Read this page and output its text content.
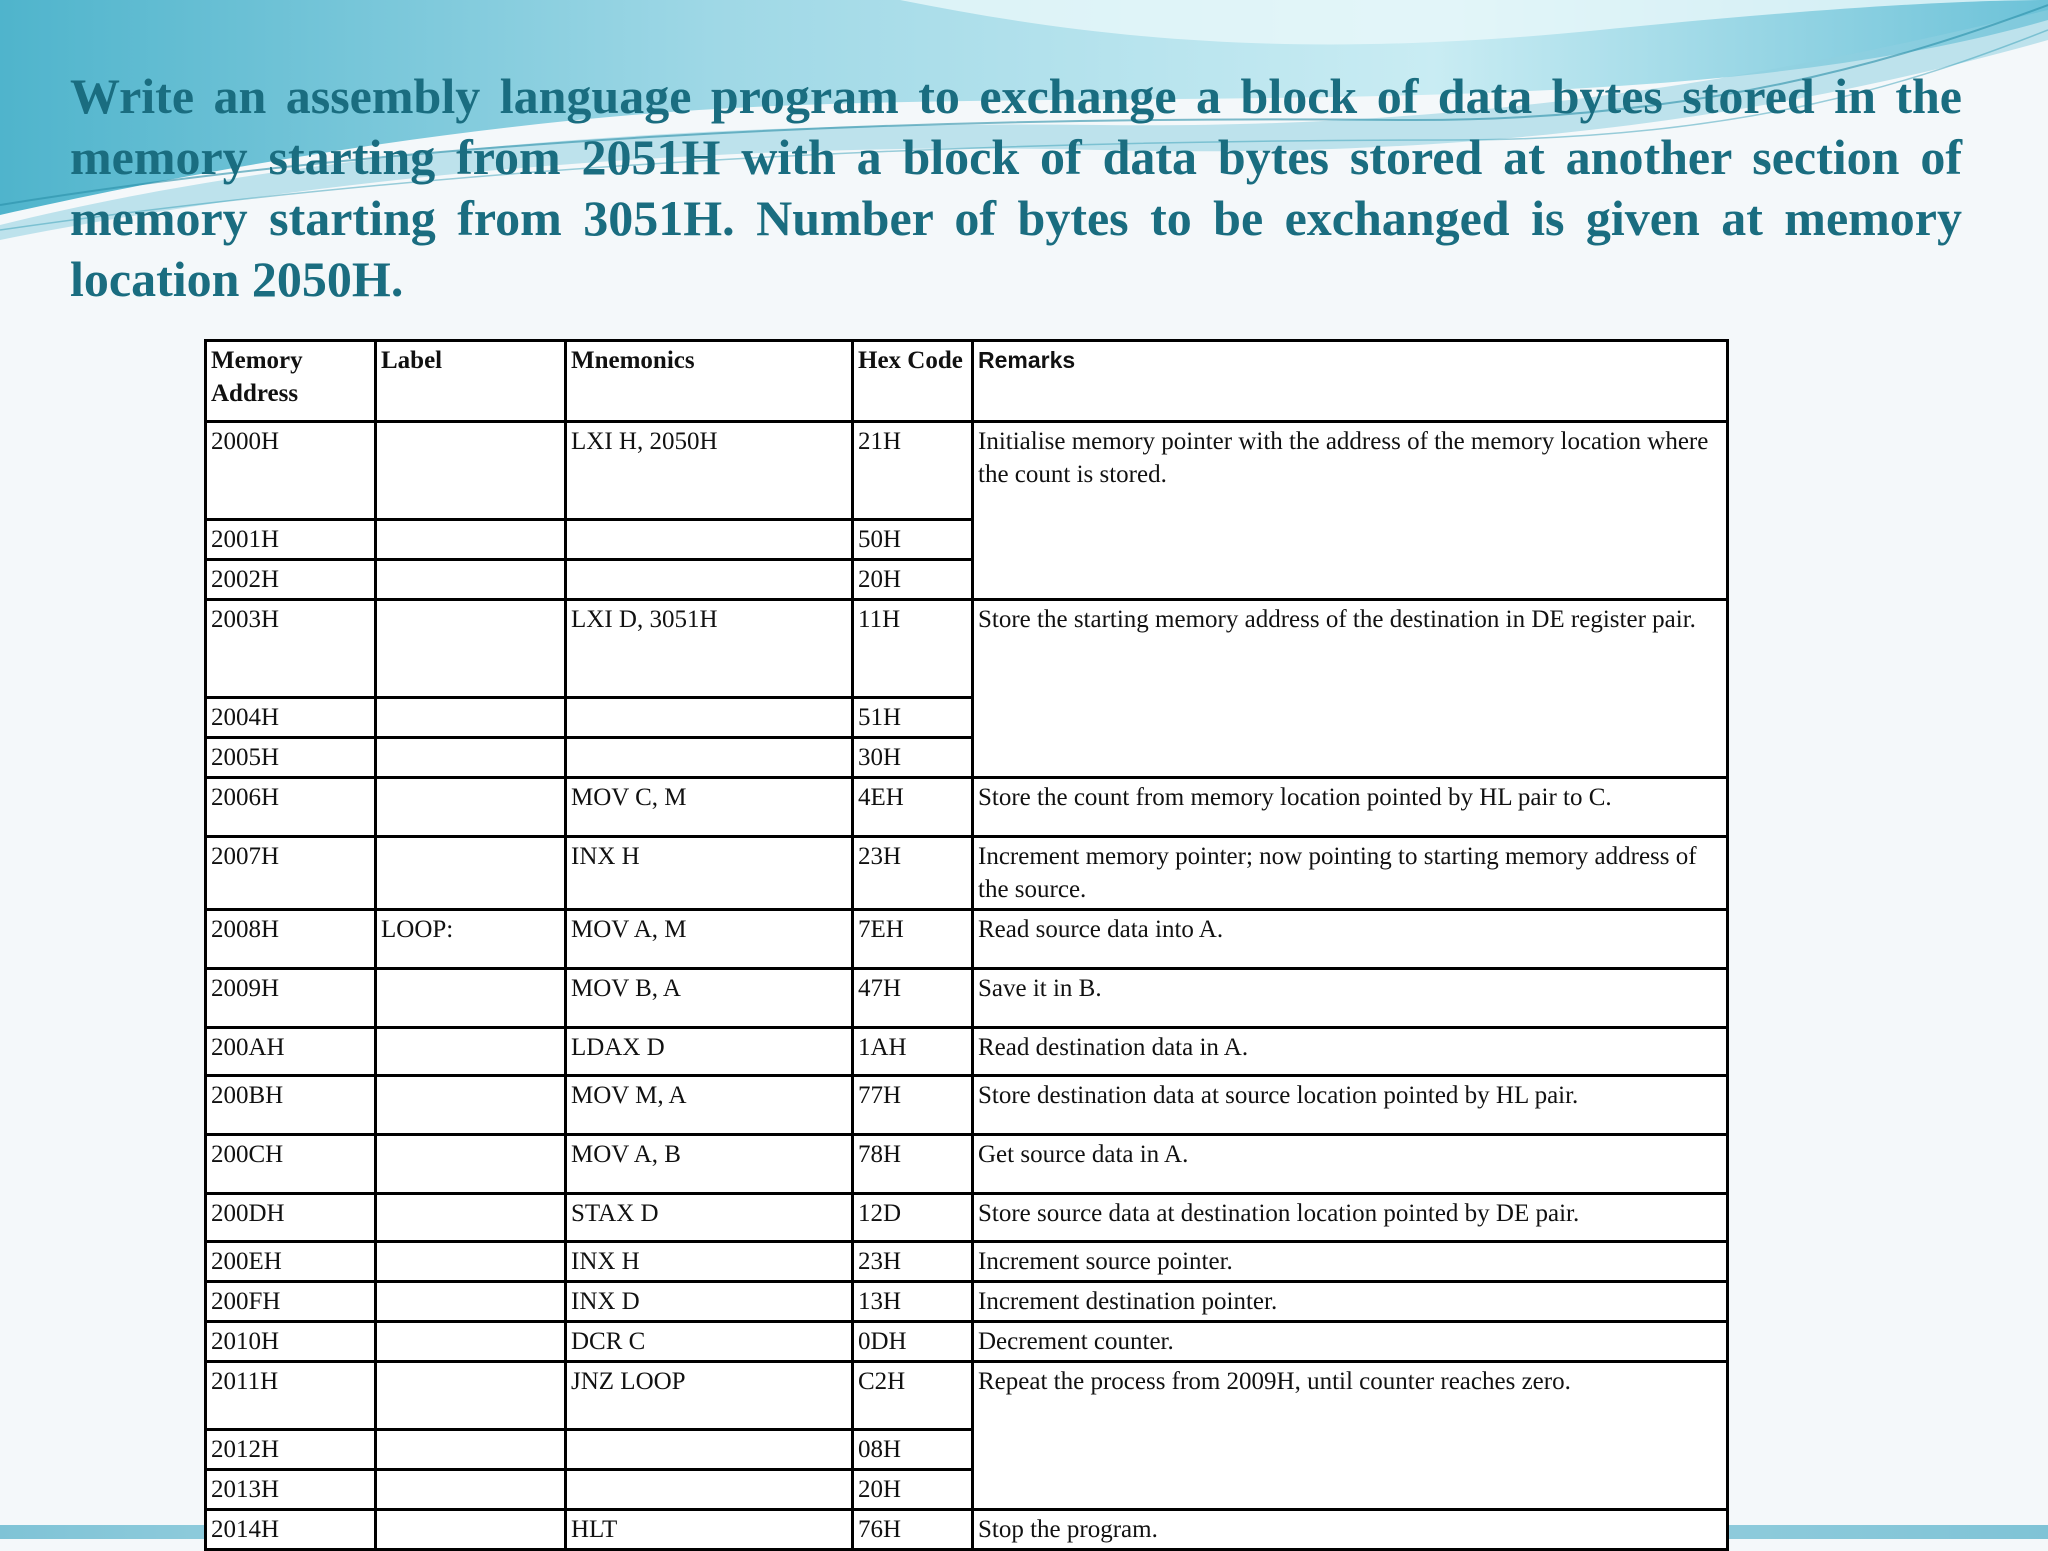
Write an assembly language program to exchange a block of data bytes stored in the memory starting from 2051H with a block of data bytes stored at another section of memory starting from 3051H. Number of bytes to be exchanged is given at memory location 2050H.

Memory Address	Label	Mnemonics	Hex Code	Remarks
2000H		LXI H, 2050H	21H	Initialise memory pointer with the address of the memory location where the count is stored.
2001H			50H	
2002H			20H	
2003H		LXI D, 3051H	11H	Store the starting memory address of the destination in DE register pair.
2004H			51H	
2005H			30H	
2006H		MOV C, M	4EH	Store the count from memory location pointed by HL pair to C.
2007H		INX H	23H	Increment memory pointer; now pointing to starting memory address of the source.
2008H	LOOP:	MOV A, M	7EH	Read source data into A.
2009H		MOV B, A	47H	Save it in B.
200AH		LDAX D	1AH	Read destination data in A.
200BH		MOV M, A	77H	Store destination data at source location pointed by HL pair.
200CH		MOV A, B	78H	Get source data in A.
200DH		STAX D	12D	Store source data at destination location pointed by DE pair.
200EH		INX H	23H	Increment source pointer.
200FH		INX D	13H	Increment destination pointer.
2010H		DCR C	0DH	Decrement counter.
2011H		JNZ LOOP	C2H	Repeat the process from 2009H, until counter reaches zero.
2012H			08H	
2013H			20H	
2014H		HLT	76H	Stop the program.
